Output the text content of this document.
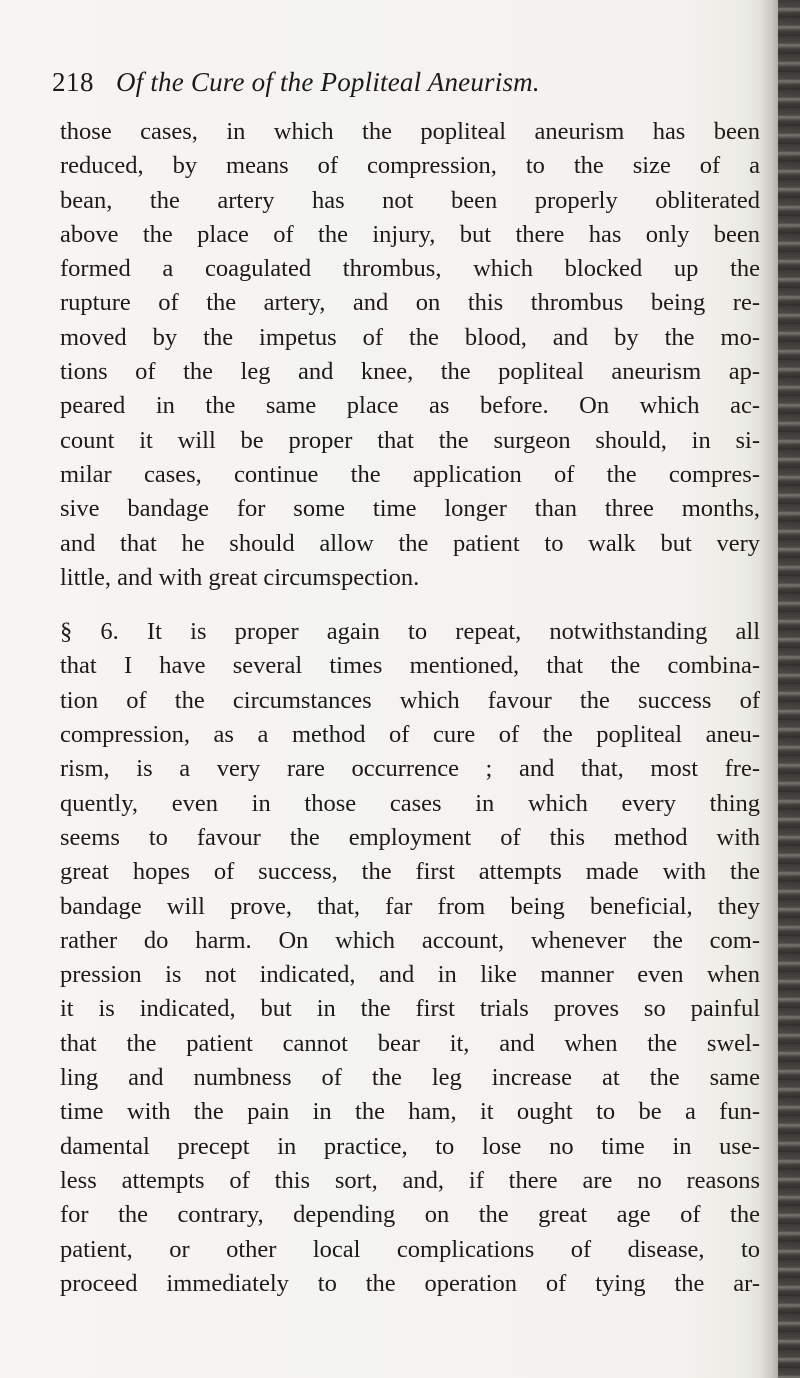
218 Of the Cure of the Popliteal Aneurism.
those cases, in which the popliteal aneurism has been
reduced, by means of compression, to the size of a
bean, the artery has not been properly obliterated
above the place of the injury, but there has only been
formed a coagulated thrombus, which blocked up the
rupture of the artery, and on this thrombus being re-
moved by the impetus of the blood, and by the mo-
tions of the leg and knee, the popliteal aneurism ap-
peared in the same place as before. On which ac-
count it will be proper that the surgeon should, in si-
milar cases, continue the application of the compres-
sive bandage for some time longer than three months,
and that he should allow the patient to walk but very
little, and with great circumspection.
§ 6. It is proper again to repeat, notwithstanding all
that I have several times mentioned, that the combina-
tion of the circumstances which favour the success of
compression, as a method of cure of the popliteal aneu-
rism, is a very rare occurrence ; and that, most fre-
quently, even in those cases in which every thing
seems to favour the employment of this method with
great hopes of success, the first attempts made with the
bandage will prove, that, far from being beneficial, they
rather do harm. On which account, whenever the com-
pression is not indicated, and in like manner even when
it is indicated, but in the first trials proves so painful
that the patient cannot bear it, and when the swel-
ling and numbness of the leg increase at the same
time with the pain in the ham, it ought to be a fun-
damental precept in practice, to lose no time in use-
less attempts of this sort, and, if there are no reasons
for the contrary, depending on the great age of the
patient, or other local complications of disease, to
proceed immediately to the operation of tying the ar-
